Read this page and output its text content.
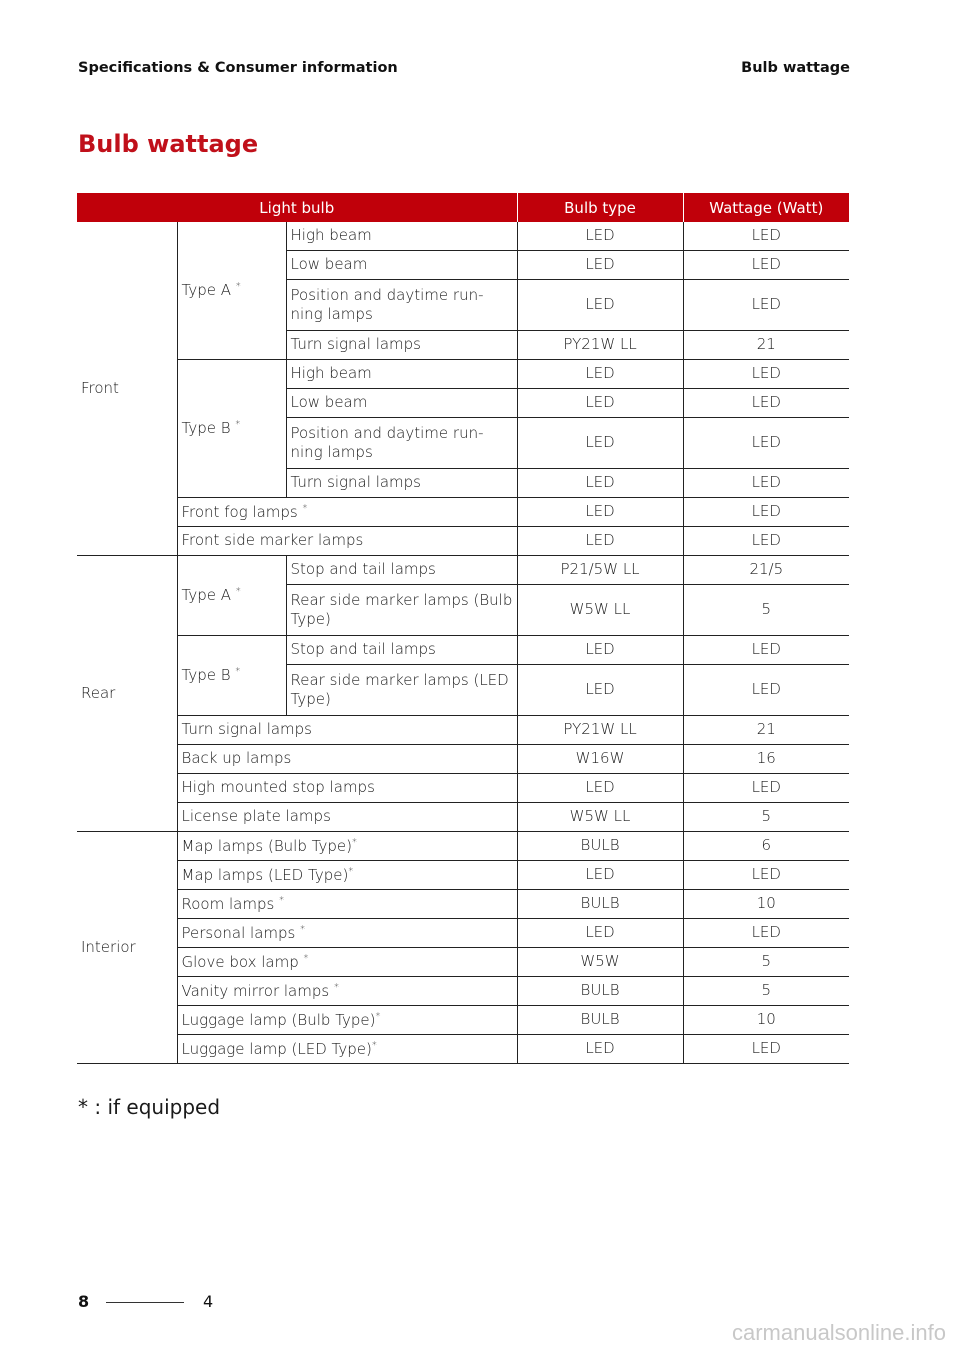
Specifications & Consumer information	Bulb wattage
Bulb wattage
Light bulb			Bulb type	Wattage (Watt)
Front	Type A *	High beam	LED	LED
		Low beam	LED	LED
		Position and daytime run-ning lamps	LED	LED
		Turn signal lamps	PY21W LL	21
	Type B *	High beam	LED	LED
		Low beam	LED	LED
		Position and daytime run-ning lamps	LED	LED
		Turn signal lamps	LED	LED
	Front fog lamps *		LED	LED
	Front side marker lamps		LED	LED
Rear	Type A *	Stop and tail lamps	P21/5W LL	21/5
		Rear side marker lamps (Bulb Type)	W5W LL	5
	Type B *	Stop and tail lamps	LED	LED
		Rear side marker lamps (LED Type)	LED	LED
	Turn signal lamps		PY21W LL	21
	Back up lamps		W16W	16
	High mounted stop lamps		LED	LED
	License plate lamps		W5W LL	5
Interior	Map lamps (Bulb Type)*		BULB	6
	Map lamps (LED Type)*		LED	LED
	Room lamps *		BULB	10
	Personal lamps *		LED	LED
	Glove box lamp *		W5W	5
	Vanity mirror lamps *		BULB	5
	Luggage lamp (Bulb Type)*		BULB	10
	Luggage lamp (LED Type)*		LED	LED
* : if equipped
8	4
carmanualsonline.info
